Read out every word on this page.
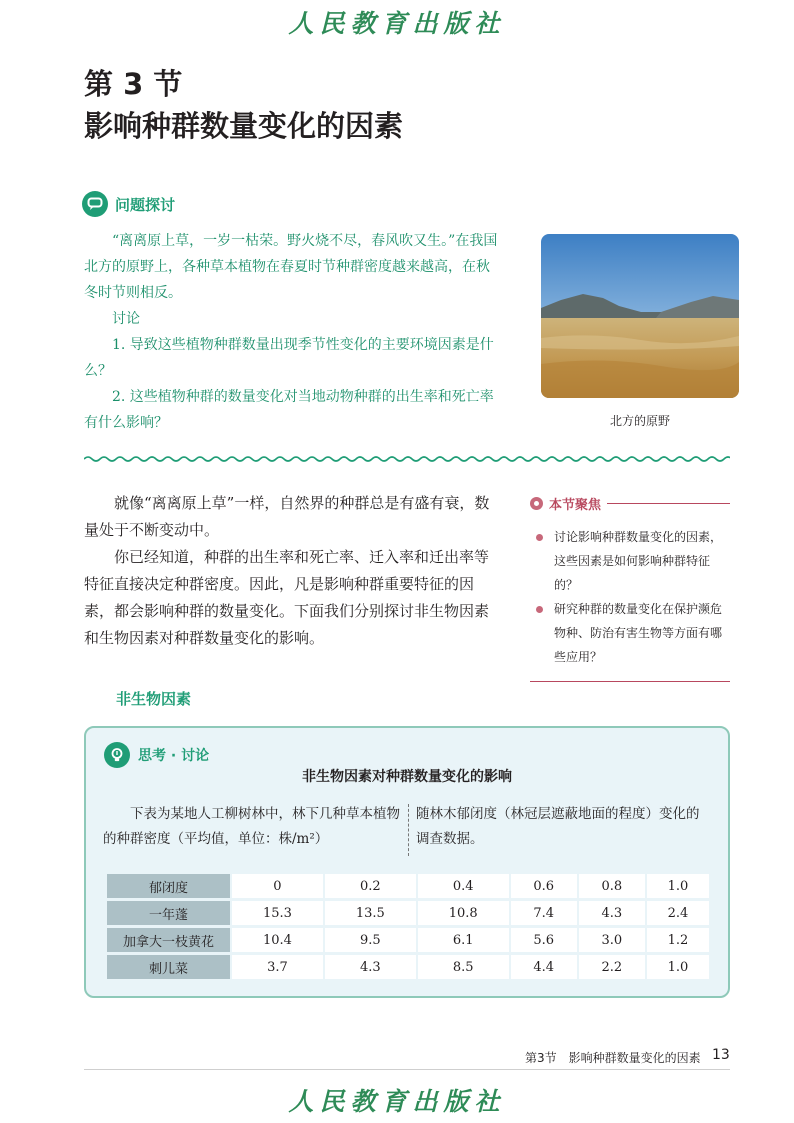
人民教育出版社
第 3 节
影响种群数量变化的因素
问题探讨

“离离原上草，一岁一枯荣。野火烧不尽，春风吹又生。”在我国北方的原野上，各种草本植物在春夏时节种群密度越来越高，在秋冬时节则相反。

讨论

1. 导致这些植物种群数量出现季节性变化的主要环境因素是什么？

2. 这些植物种群的数量变化对当地动物种群的出生率和死亡率有什么影响？	北方的原野

就像“离离原上草”一样，自然界的种群总是有盛有衰，数量处于不断变动中。

你已经知道，种群的出生率和死亡率、迁入率和迁出率等特征直接决定种群密度。因此，凡是影响种群重要特征的因素，都会影响种群的数量变化。下面我们分别探讨非生物因素和生物因素对种群数量变化的影响。

本节聚焦
讨论影响种群数量变化的因素，这些因素是如何影响种群特征的？
研究种群的数量变化在保护濒危物种、防治有害生物等方面有哪些应用？
非生物因素
思考 · 讨论
非生物因素对种群数量变化的影响

下表为某地人工柳树林中，林下几种草本植物的种群密度（平均值，单位：株/m²）

随林木郁闭度（林冠层遮蔽地面的程度）变化的调查数据。
郁闭度	0	0.2	0.4	0.6	0.8	1.0
一年蓬	15.3	13.5	10.8	7.4	4.3	2.4
加拿大一枝黄花	10.4	9.5	6.1	5.6	3.0	1.2
刺儿菜	3.7	4.3	8.5	4.4	2.2	1.0
第3节　影响种群数量变化的因素 13
人民教育出版社
